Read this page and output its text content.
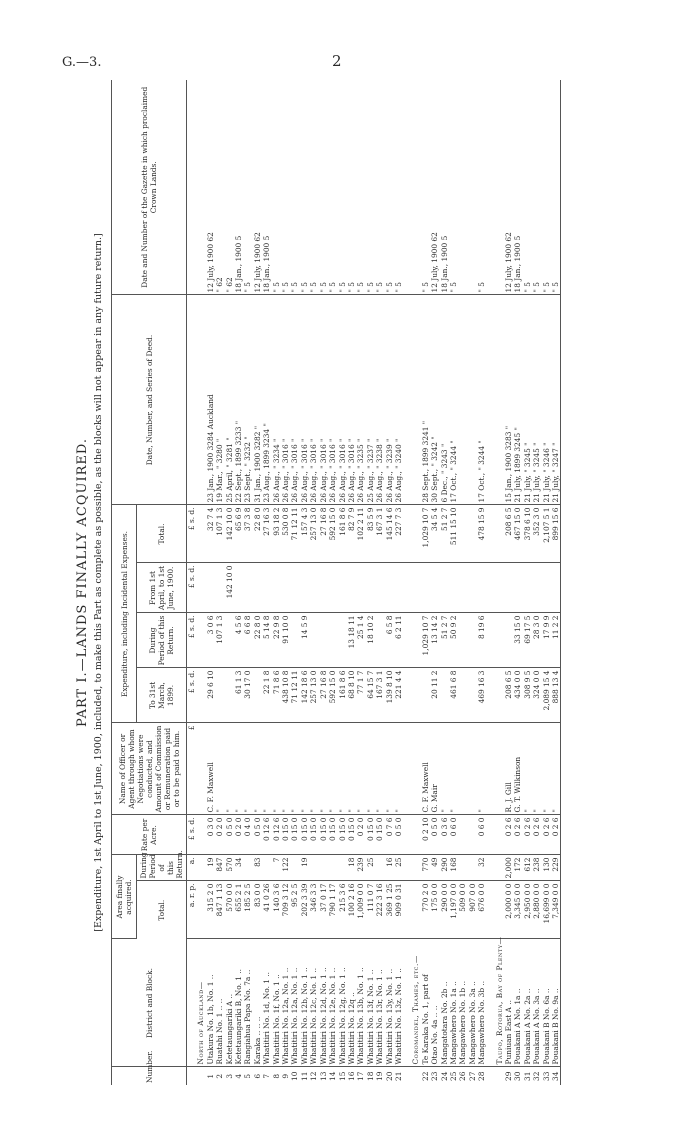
G.—3.	2
PART I.—LANDS FINALLY ACQUIRED. [Expenditure, 1st April to 1st June, 1900, included, to make this Part as complete as possible, as the blocks will not appear in any future return.]
Number.	District and Block.	Area finally acquired.		Rate per Acre.	Name of Officer or Agent through whom Negotiations were conducted, and Amount of Commission or Remuneration paid or to be paid to him.	Expenditure, including Incidental Expenses.				Date, Number, and Series of Deed.	Date and Number of the Gazette in which proclaimed Crown Lands.
		Total.	During Period of this Return.			To 31st March, 1899.	During Period of this Return.	From 1st April, to 1st June, 1900.	Total.		
		a. r. p.	a.	£ s. d.	£	£ s. d.	£ s. d.	£ s. d.	£ s. d.		
	North of Auckland—										
1	Utakura No. 1b, No. 1 ..	315 2 0	19	0 3 0	C. F. Maxwell	29 6 10	3 0 6		32 7 4	23 Jan., 1900 3284 Auckland	12 July, 1900 62
2	Ruatahi No. 1 .. ..	847 1 13	847	0 2 0	"		107 1 3		107 1 3	19 Mar., " 3280 "	" 62
3	Ketetaungariki A ..	570 0 0	570	0 5 0	"			142 10 0	142 10 0	25 April, " 3281 "	" 62
4	Ketetaungariki B, No. 1 ..	655 2 1	34	0 2 0	"	61 1 3	4 5 6		65 6 9	22 Sept., 1899 3233 "	18 Jan., 1900 5
5	Rangiahua Papa No. 7a ..	185 2 5		0 4 0	"	30 17 0	6 6 8		37 3 8	23 Sept., " 3232 "	" 5
6	Karaka .. .. ..	83 0 0	83	0 5 0	"		22 8 0		22 8 0	31 Jan., 1900 3282 "	12 July, 1900 62
7	Whatitiri No. 1d, No. 1 ..	41 0 26		0 12 6	"	22 1 8	5 14 8		27 16 3	23 Aug., 1899 3234 "	18 Jan., 1900 5
8	Whatitiri No. 1f, No. 1 ..	140 3 6	7	0 12 6	"	71 8 6	22 9 8		93 18 2	26 Aug., " 3234 "	" 5
9	Whatitiri No. 12a, No. 1 ..	709 3 12	122	0 15 0	"	438 10 8	91 10 0		530 0 8	26 Aug., " 3016 "	" 5
10	Whatitiri No. 12a, No. 1 ..	95 2 5		0 15 0	"	71 12 11			71 12 11	26 Aug., " 3016 "	" 5
11	Whatitiri No. 12b, No. 1 ..	202 3 39	19	0 15 0	"	142 18 6	14 5 9		157 4 3	26 Aug., " 3016 "	" 5
12	Whatitiri No. 12c, No. 1 ..	346 3 3		0 15 0	"	257 13 0			257 13 0	26 Aug., " 3016 "	" 5
13	Whatitiri No. 12d, No. 1 ..	37 0 17		0 15 0	"	27 16 8			27 16 8	26 Aug., " 3016 "	" 5
14	Whatitiri No. 12e, No. 1 ..	790 1 17		0 15 0	"	592 15 0			592 15 0	26 Aug., " 3016 "	" 5
15	Whatitiri No. 12g, No. 1 ..	215 3 6		0 15 0	"	161 8 6			161 8 6	26 Aug., " 3016 "	" 5
16	Whatitiri No. 12q ..	100 2 16	18	0 15 0	"	68 8 10	13 18 11		82 7 9	26 Aug., " 3016 "	" 5
17	Whatitiri No. 13b, No. 1 ..	1,009 0 0	239	0 2 0	"	77 1 7	25 1 4		102 2 11	26 Aug., " 3235 "	" 5
18	Whatitiri No. 13f, No. 1 ..	111 0 7	25	0 15 0	"	64 15 7	18 10 2		83 5 9	25 Aug., " 3237 "	" 5
19	Whatitiri No. 13r, No. 1 ..	222 3 16		0 15 0	"	167 3 1			167 3 1	26 Aug., " 3238 "	" 5
20	Whatitiri No. 13y, No. 1 ..	369 1 25	16	0 7 6	"	139 8 10	6 5 8		145 14 6	26 Aug., " 3239 "	" 5
21	Whatitiri No. 13z, No. 1 ..	909 0 31	25	0 5 0	"	221 4 4	6 2 11		227 7 3	26 Aug., " 3240 "	" 5

	Coromandel, Thames, etc.—										
22	Te Karaka No. 1, part of	770 2 0	770	0 2 10	C. F. Maxwell		1,029 10 7		1,029 10 7	28 Sept., 1899 3241 "	" 5
23	Otao No. 4a .. ..	175 0 0	49	0 5 0	G. Mair	20 11 2	13 14 2		34 5 4	30 Sept., " 3242 "	12 July, 1900 62
24	Mangatotara No. 2b ..	290 0 0	290	0 3 6	"		51 2 7		51 2 7	6 Dec., " 3243 "	18 Jan., 1900 5
25	Mangawhero No. 1a ..	1,197 0 0	168	0 6 0	"	461 6 8	50 9 2		511 15 10	17 Oct., " 3244 "	" 5
26	Mangawhero No. 1b ..	509 0 0									
27	Mangawhero No. 3a ..	907 0 0									
28	Mangawhero No. 3b ..	676 0 0	32	0 6 0	"	469 16 3	8 19 6		478 15 9	17 Oct., " 3244 "	" 5

	Taupo, Rotorua, Bay of Plenty—										
29	Puniuan East A ..	2,000 0 0	2,000	0 2 6	R. J. Gill	208 6 5			208 6 5	15 Jan., 1900 3283 "	12 July, 1900 62
30	Pouakani A No. 1a ..	3,345 0 0	172	0 2 6	G. T. Wilkinson	434 0 0	33 15 0		467 15 0	21 July, 1899 3245 "	18 Jan., 1900 5
31	Pouakani A No. 2a ..	2,950 0 0	612	0 2 6	"	308 9 5	69 17 5		378 6 10	21 July, " 3245 "	" 5
32	Pouakani A No. 3a ..	2,880 0 0	238	0 2 6	"	324 0 0	28 3 0		352 3 0	21 July, " 3245 "	" 5
33	Pouakani B No. 6a ..	16,699 0 0	130	0 2 6	"	2,089 15 4	17 9 9		2,107 5 1	21 July, " 3246 "	" 5
34	Pouakani B No. 9a ..	7,349 0 0	229	0 2 6	"	888 13 4	11 2 2		899 15 6	21 July, " 3247 "	" 5
